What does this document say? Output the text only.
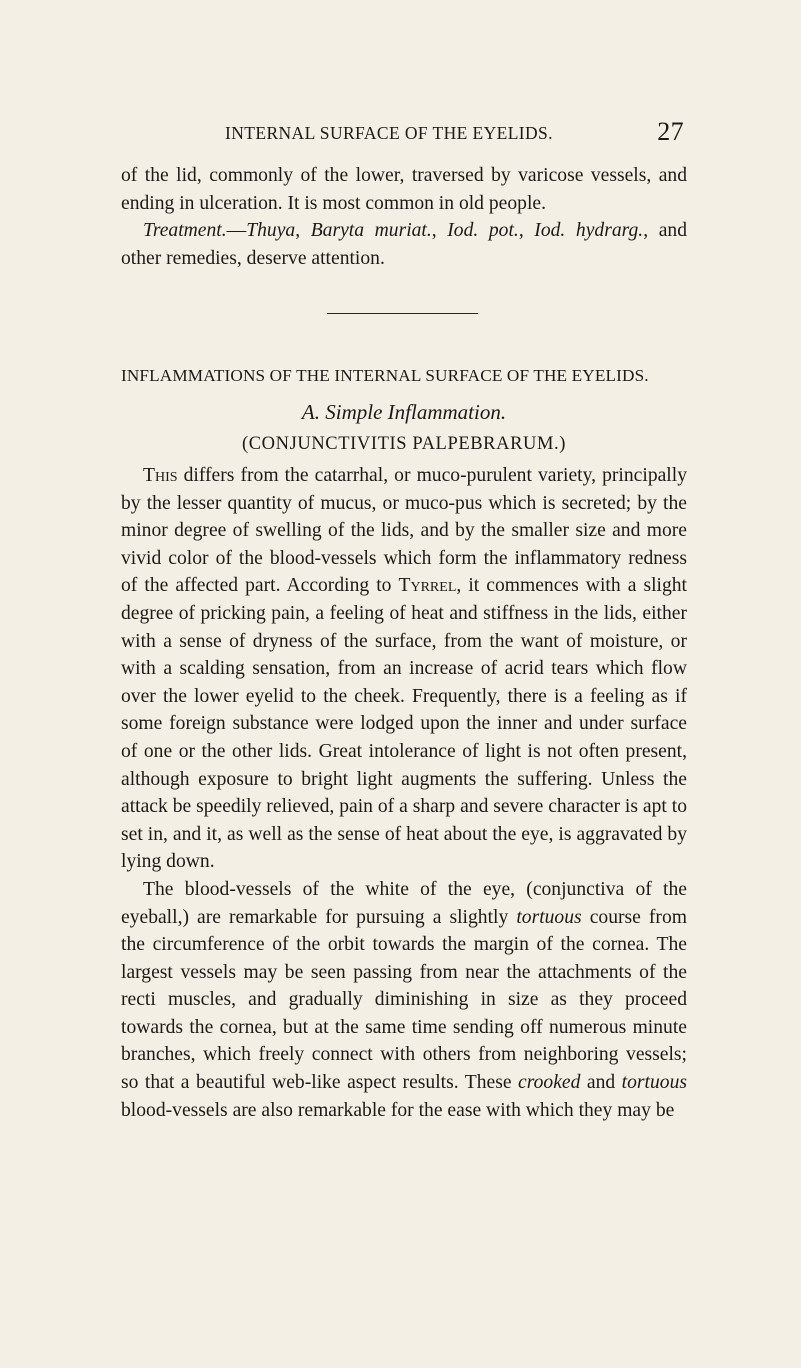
INTERNAL SURFACE OF THE EYELIDS.	27

of the lid, commonly of the lower, traversed by varicose vessels, and ending in ulceration. It is most common in old people.

Treatment.—Thuya, Baryta muriat., Iod. pot., Iod. hydrarg., and other remedies, deserve attention.

INFLAMMATIONS OF THE INTERNAL SURFACE OF THE EYELIDS.
A. Simple Inflammation.
(CONJUNCTIVITIS PALPEBRARUM.)

This differs from the catarrhal, or muco-purulent variety, principally by the lesser quantity of mucus, or muco-pus which is secreted; by the minor degree of swelling of the lids, and by the smaller size and more vivid color of the blood-vessels which form the inflammatory redness of the affected part. According to Tyrrel, it commences with a slight degree of pricking pain, a feeling of heat and stiffness in the lids, either with a sense of dryness of the surface, from the want of moisture, or with a scalding sensation, from an increase of acrid tears which flow over the lower eyelid to the cheek. Frequently, there is a feeling as if some foreign substance were lodged upon the inner and under surface of one or the other lids. Great intolerance of light is not often present, although exposure to bright light augments the suffering. Unless the attack be speedily relieved, pain of a sharp and severe character is apt to set in, and it, as well as the sense of heat about the eye, is aggravated by lying down.

The blood-vessels of the white of the eye, (conjunctiva of the eyeball,) are remarkable for pursuing a slightly tortuous course from the circumference of the orbit towards the margin of the cornea. The largest vessels may be seen passing from near the attachments of the recti muscles, and gradually diminishing in size as they proceed towards the cornea, but at the same time sending off numerous minute branches, which freely connect with others from neighboring vessels; so that a beautiful web-like aspect results. These crooked and tortuous blood-vessels are also remarkable for the ease with which they may be
